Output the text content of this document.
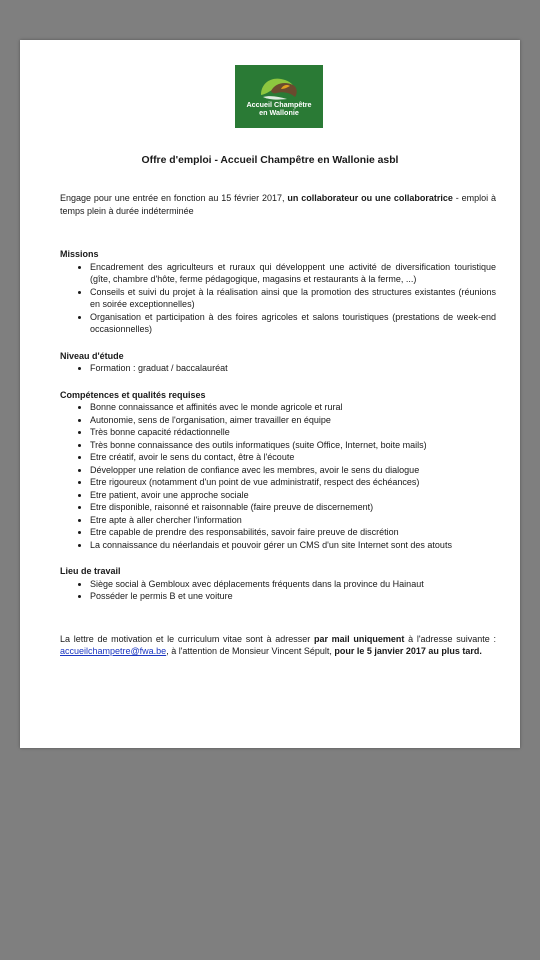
Accueil Champêtre
en Wallonie
Offre d'emploi - Accueil Champêtre en Wallonie asbl

Engage pour une entrée en fonction au 15 février 2017, un collaborateur ou une collaboratrice - emploi à temps plein à durée indéterminée

Missions
• Encadrement des agriculteurs et ruraux qui développent une activité de diversification touristique (gîte, chambre d'hôte, ferme pédagogique, magasins et restaurants à la ferme, ...)
• Conseils et suivi du projet à la réalisation ainsi que la promotion des structures existantes (réunions en soirée exceptionnelles)
• Organisation et participation à des foires agricoles et salons touristiques (prestations de week-end occasionnelles)
Niveau d'étude
• Formation : graduat / baccalauréat
Compétences et qualités requises
• Bonne connaissance et affinités avec le monde agricole et rural
• Autonomie, sens de l'organisation, aimer travailler en équipe
• Très bonne capacité rédactionnelle
• Très bonne connaissance des outils informatiques (suite Office, Internet, boite mails)
• Etre créatif, avoir le sens du contact, être à l'écoute
• Développer une relation de confiance avec les membres, avoir le sens du dialogue
• Etre rigoureux (notamment d'un point de vue administratif, respect des échéances)
• Etre patient, avoir une approche sociale
• Etre disponible, raisonné et raisonnable (faire preuve de discernement)
• Etre apte à aller chercher l'information
• Etre capable de prendre des responsabilités, savoir faire preuve de discrétion
• La connaissance du néerlandais et pouvoir gérer un CMS d'un site Internet sont des atouts
Lieu de travail
• Siège social à Gembloux avec déplacements fréquents dans la province du Hainaut
• Posséder le permis B et une voiture

La lettre de motivation et le curriculum vitae sont à adresser par mail uniquement à l'adresse suivante : accueilchampetre@fwa.be, à l'attention de Monsieur Vincent Sépult, pour le 5 janvier 2017 au plus tard.
